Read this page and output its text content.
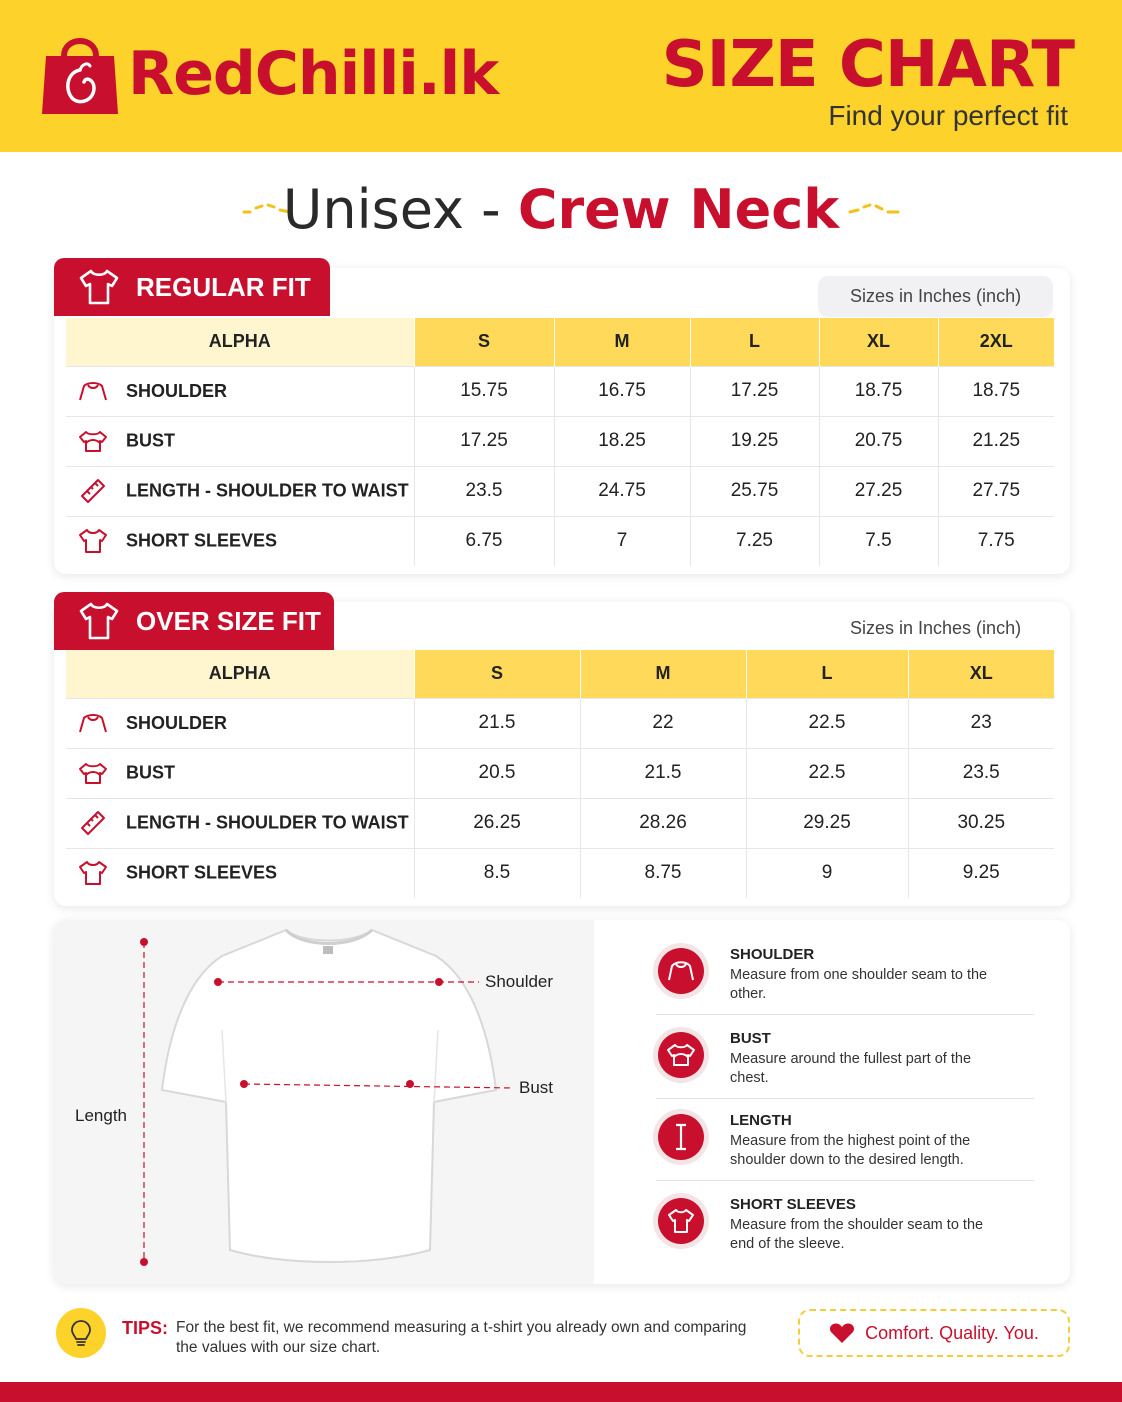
RedChilli.lk	SIZE CHART
Find your perfect fit
Unisex - Crew Neck
REGULAR FIT	Sizes in Inches (inch)
ALPHA	S	M	L	XL	2XL
SHOULDER	15.75	16.75	17.25	18.75	18.75
BUST	17.25	18.25	19.25	20.75	21.25
LENGTH - SHOULDER TO WAIST	23.5	24.75	25.75	27.25	27.75
SHORT SLEEVES	6.75	7	7.25	7.5	7.75
OVER SIZE FIT	Sizes in Inches (inch)
ALPHA	S	M	L	XL
SHOULDER	21.5	22	22.5	23
BUST	20.5	21.5	22.5	23.5
LENGTH - SHOULDER TO WAIST	26.25	28.26	29.25	30.25
SHORT SLEEVES	8.5	8.75	9	9.25
Shoulder
Bust
Length
SHOULDER
Measure from one shoulder seam to the other.
BUST
Measure around the fullest part of the chest.
LENGTH
Measure from the highest point of the shoulder down to the desired length.
SHORT SLEEVES
Measure from the shoulder seam to the end of the sleeve.
TIPS: For the best fit, we recommend measuring a t-shirt you already own and comparing the values with our size chart.
Comfort. Quality. You.
